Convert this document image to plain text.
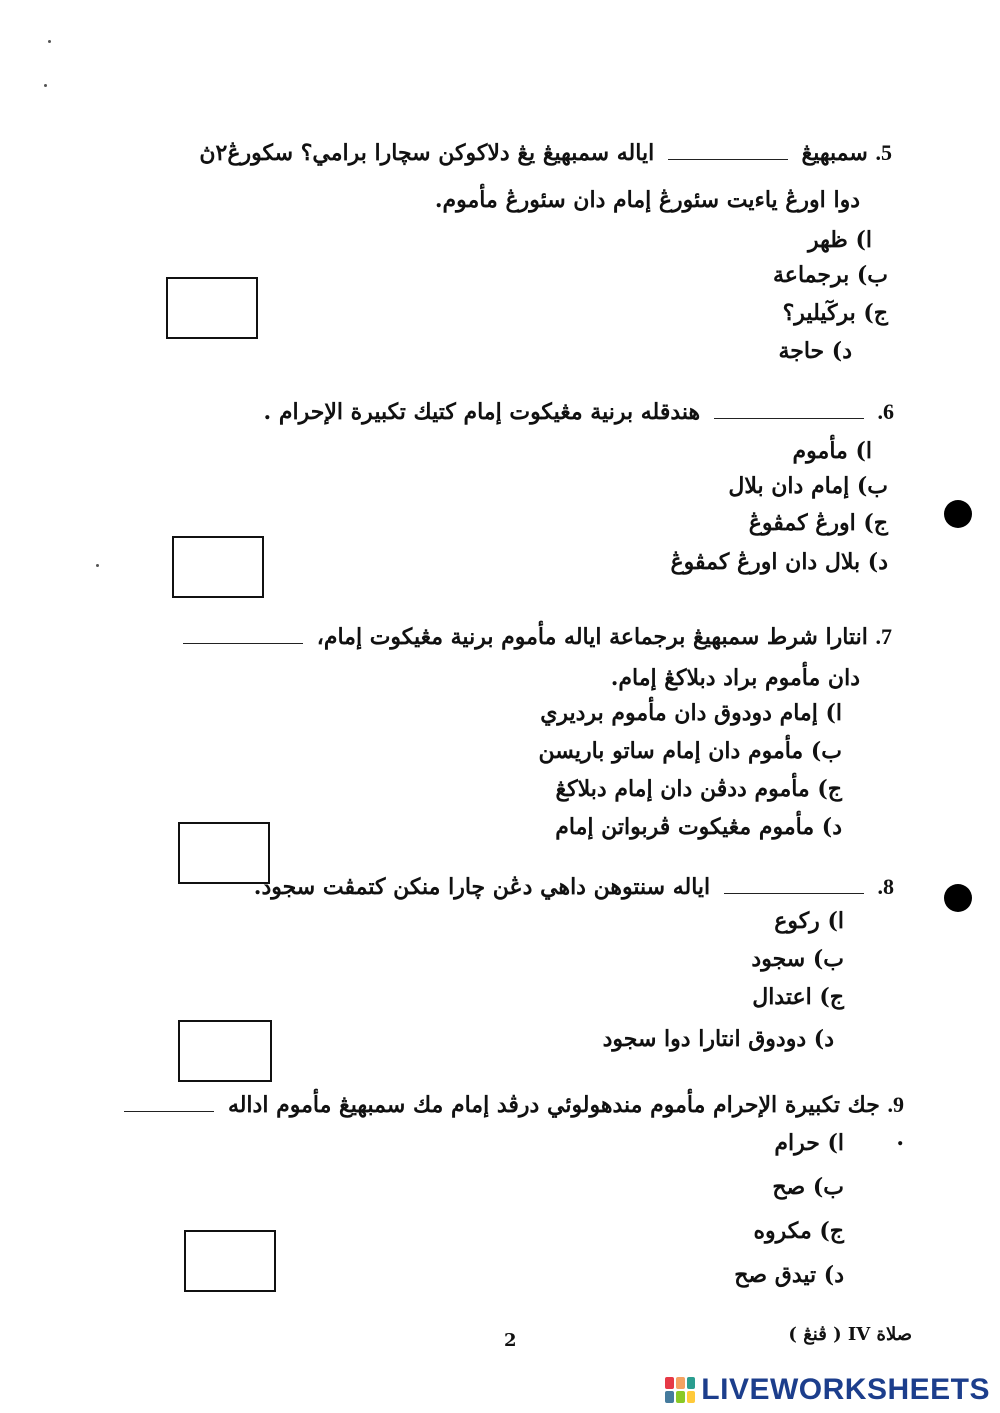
5. سمبهيڠ  اياله سمبهيڠ يڠ دلاكوكن سچارا برامي؟ سكورڠ٢ڽ
دوا اورڠ ياءيت سئورڠ إمام دان سئورڠ مأموم.
ا) ظهر
ب) برجماعة
ج) بركٓيلير؟
د) حاجة
6.  هندقله برنية مڠيكوت إمام كتيك تكبيرة الإحرام .
ا) مأموم
ب) إمام دان بلال
ج) اورڠ كمڤوڠ
د) بلال دان اورڠ كمڤوڠ
7. انتارا شرط سمبهيڠ برجماعة اياله مأموم برنية مڠيكوت إمام،
دان مأموم براد دبلاكڠ إمام.
ا) إمام دودوق دان مأموم برديري
ب) مأموم دان إمام ساتو باريسن
ج) مأموم ددڤن دان إمام دبلاكڠ
د) مأموم مڠيكوت ڤربواتن إمام
8.  اياله سنتوهن داهي دڠن چارا منكن كتمڤت سجود.
ا) ركوع
ب) سجود
ج) اعتدال
د) دودوق انتارا دوا سجود
9. جك تكبيرة الإحرام مأموم مندهولوئي درڤد إمام مك سمبهيڠ مأموم اداله  .
ا) حرام
ب) صح
ج) مكروه
د) تيدق صح
2	صلاة IV ( ڤنڠ )
LIVEWORKSHEETS
